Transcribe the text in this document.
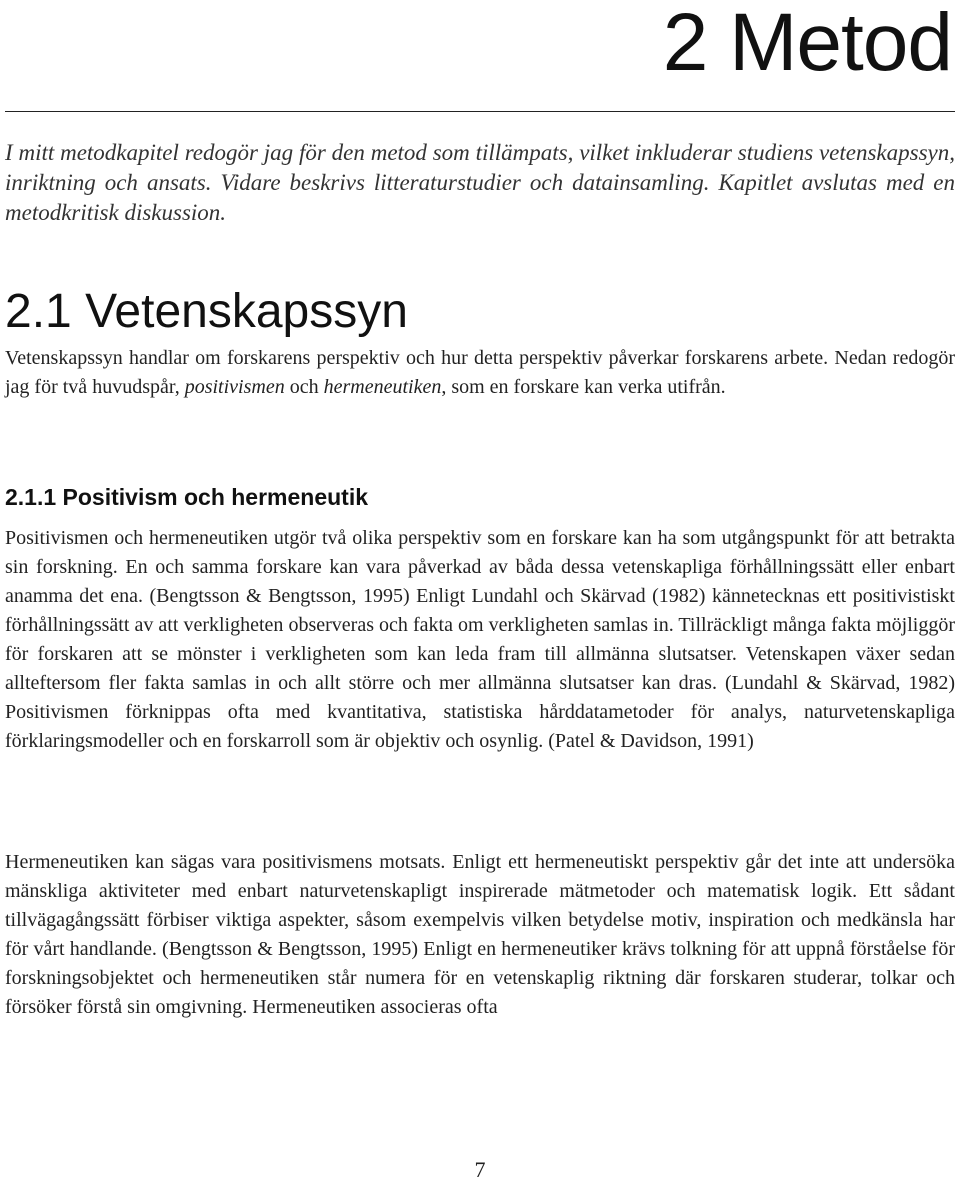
2 Metod

I mitt metodkapitel redogör jag för den metod som tillämpats, vilket inkluderar studiens vetenskapssyn, inriktning och ansats. Vidare beskrivs litteraturstudier och datainsamling. Kapitlet avslutas med en metodkritisk diskussion.

2.1 Vetenskapssyn

Vetenskapssyn handlar om forskarens perspektiv och hur detta perspektiv påverkar forskarens arbete. Nedan redogör jag för två huvudspår, positivismen och hermeneutiken, som en forskare kan verka utifrån.

2.1.1 Positivism och hermeneutik

Positivismen och hermeneutiken utgör två olika perspektiv som en forskare kan ha som utgångspunkt för att betrakta sin forskning. En och samma forskare kan vara påverkad av båda dessa vetenskapliga förhållningssätt eller enbart anamma det ena. (Bengtsson & Bengtsson, 1995) Enligt Lundahl och Skärvad (1982) kännetecknas ett positivistiskt förhållningssätt av att verkligheten observeras och fakta om verkligheten samlas in. Tillräckligt många fakta möjliggör för forskaren att se mönster i verkligheten som kan leda fram till allmänna slutsatser. Vetenskapen växer sedan allteftersom fler fakta samlas in och allt större och mer allmänna slutsatser kan dras. (Lundahl & Skärvad, 1982) Positivismen förknippas ofta med kvantitativa, statistiska hårddatametoder för analys, naturvetenskapliga förklaringsmodeller och en forskarroll som är objektiv och osynlig. (Patel & Davidson, 1991)

Hermeneutiken kan sägas vara positivismens motsats. Enligt ett hermeneutiskt perspektiv går det inte att undersöka mänskliga aktiviteter med enbart naturvetenskapligt inspirerade mätmetoder och matematisk logik. Ett sådant tillvägagångssätt förbiser viktiga aspekter, såsom exempelvis vilken betydelse motiv, inspiration och medkänsla har för vårt handlande. (Bengtsson & Bengtsson, 1995) Enligt en hermeneutiker krävs tolkning för att uppnå förståelse för forskningsobjektet och hermeneutiken står numera för en vetenskaplig riktning där forskaren studerar, tolkar och försöker förstå sin omgivning. Hermeneutiken associeras ofta

7
